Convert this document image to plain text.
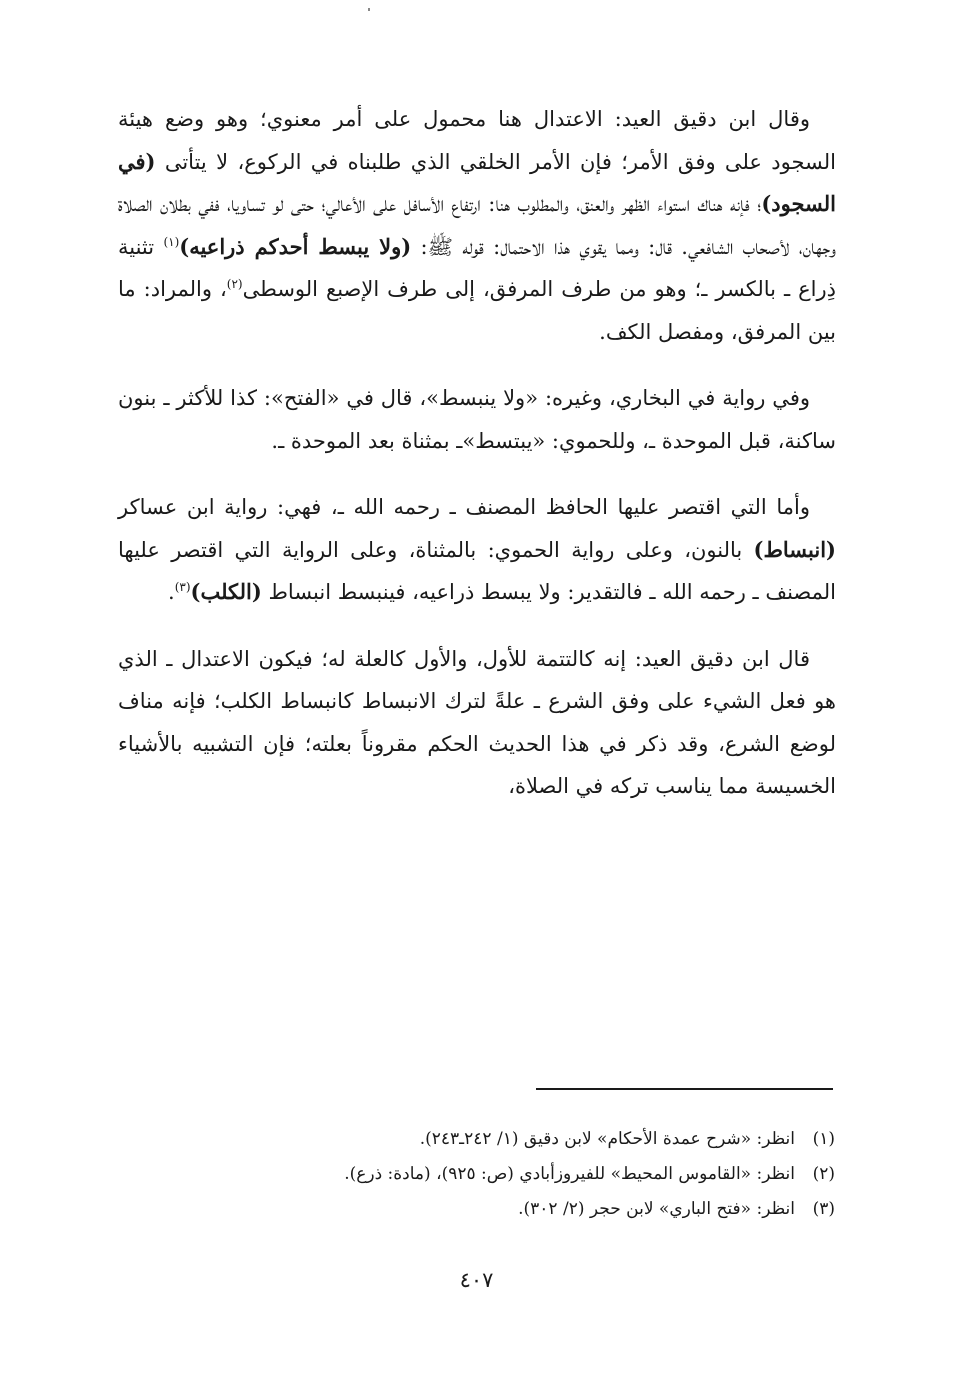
وقال ابن دقيق العيد: الاعتدال هنا محمول على أمر معنوي؛ وهو وضع هيئة السجود على وفق الأمر؛ فإن الأمر الخلقي الذي طلبناه في الركوع، لا يتأتى (في السجود)؛ فإنه هناك استواء الظهر والعنق، والمطلوب هنا: ارتفاع الأسافل على الأعالي؛ حتى لو تساويا، ففي بطلان الصلاة وجهان، لأصحاب الشافعي. قال: ومما يقوي هذا الاحتمال: قوله ﷺ: (ولا يبسط أحدكم ذراعيه)$^{(١)}$ تثنية ذِراع ـ بالكسر ـ؛ وهو من طرف المرفق، إلى طرف الإصبع الوسطى$^{(٢)}$، والمراد: ما بين المرفق، ومفصل الكف.

وفي رواية في البخاري، وغيره: «ولا ينبسط»، قال في «الفتح»: كذا للأكثر ـ بنون ساكنة، قبل الموحدة ـ، وللحموي: «يبتسط»ـ بمثناة بعد الموحدة ـ.

وأما التي اقتصر عليها الحافظ المصنف ـ رحمه الله ـ، فهي: رواية ابن عساكر (انبساط) بالنون، وعلى رواية الحموي: بالمثناة، وعلى الرواية التي اقتصر عليها المصنف ـ رحمه الله ـ فالتقدير: ولا يبسط ذراعيه، فينبسط انبساط (الكلب)$^{(٣)}$.

قال ابن دقيق العيد: إنه كالتتمة للأول، والأول كالعلة له؛ فيكون الاعتدال ـ الذي هو فعل الشيء على وفق الشرع ـ علةً لترك الانبساط كانبساط الكلب؛ فإنه مناف لوضع الشرع، وقد ذكر في هذا الحديث الحكم مقروناً بعلته؛ فإن التشبيه بالأشياء الخسيسة مما يناسب تركه في الصلاة،

(١)
انظر: «شرح عمدة الأحكام» لابن دقيق (١/ ٢٤٢ـ٢٤٣).
(٢)
انظر: «القاموس المحيط» للفيروزأبادي (ص: ٩٢٥)، (مادة: ذرع).
(٣)
انظر: «فتح الباري» لابن حجر (٢/ ٣٠٢).
٤٠٧
